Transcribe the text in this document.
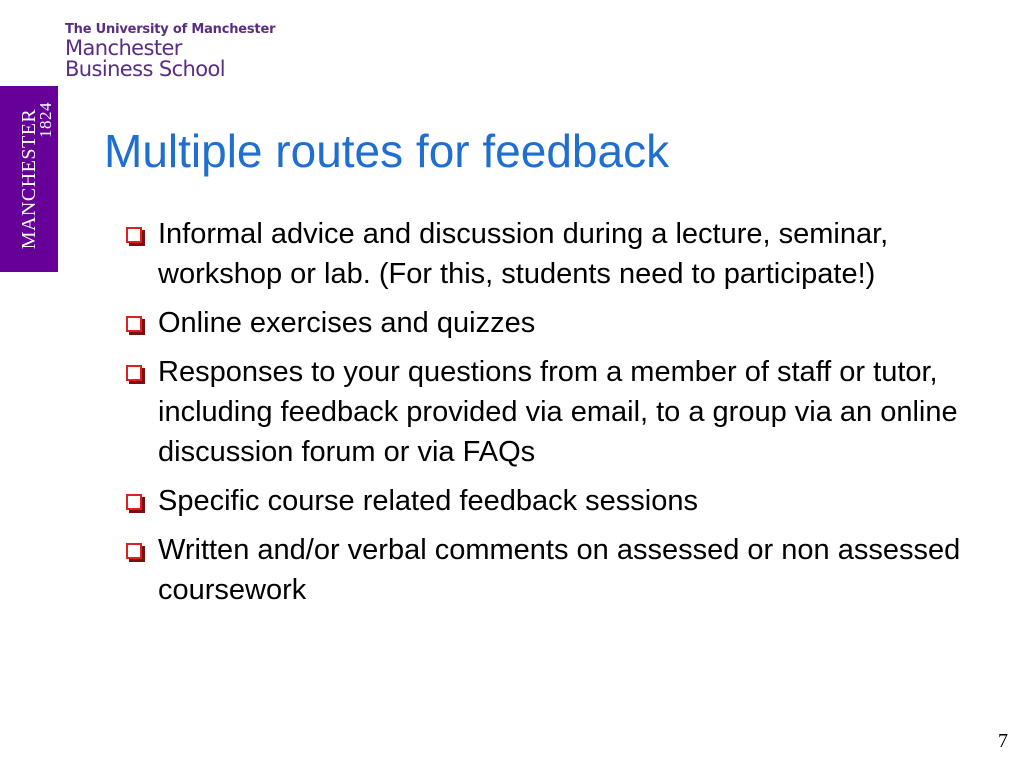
The University of Manchester
Manchester
Business School
MANCHESTER
1824
Multiple routes for feedback
Informal advice and discussion during a lecture, seminar, workshop or lab. (For this, students need to participate!)
Online exercises and quizzes
Responses to your questions from a member of staff or tutor, including feedback provided via email, to a group via an online discussion forum or via FAQs
Specific course related feedback sessions
Written and/or verbal comments on assessed or non assessed coursework
7
